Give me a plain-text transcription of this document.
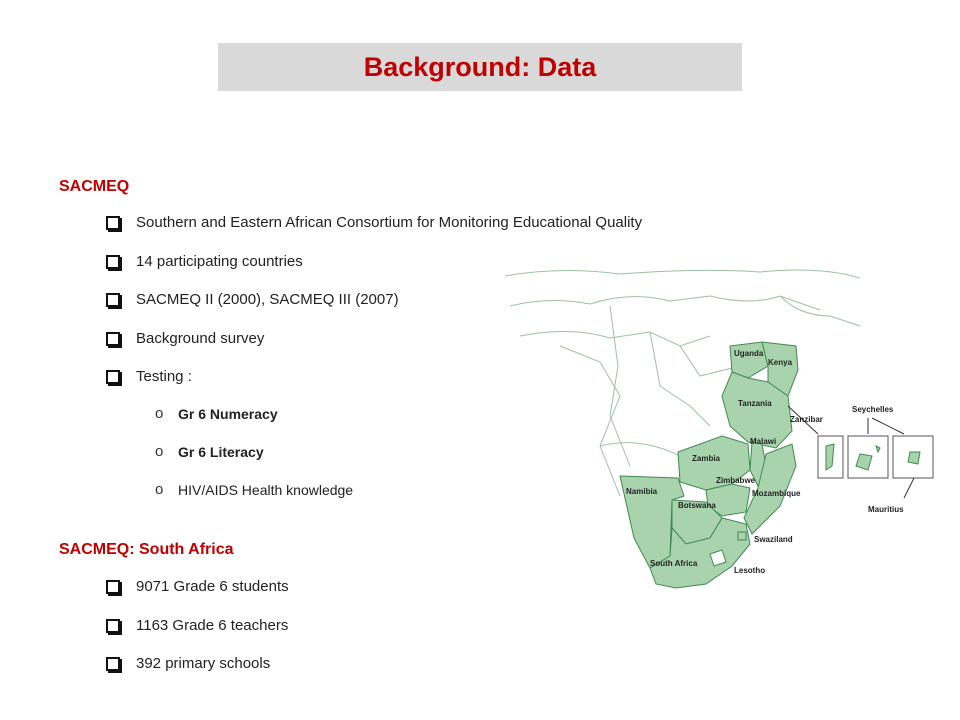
Background: Data
SACMEQ
Southern and Eastern African Consortium for Monitoring Educational Quality
14 participating countries
SACMEQ II (2000), SACMEQ III (2007)
Background survey
Testing :
o Gr 6 Numeracy
o Gr 6 Literacy
o HIV/AIDS Health knowledge
SACMEQ: South Africa
9071 Grade 6 students
1163 Grade 6 teachers
392 primary schools
Uganda
Kenya
Tanzania
Zanzibar
Seychelles
Malawi
Zambia
Zimbabwe
Mozambique
Namibia
Botswana	Mauritius
Swaziland
South Africa
Lesotho
